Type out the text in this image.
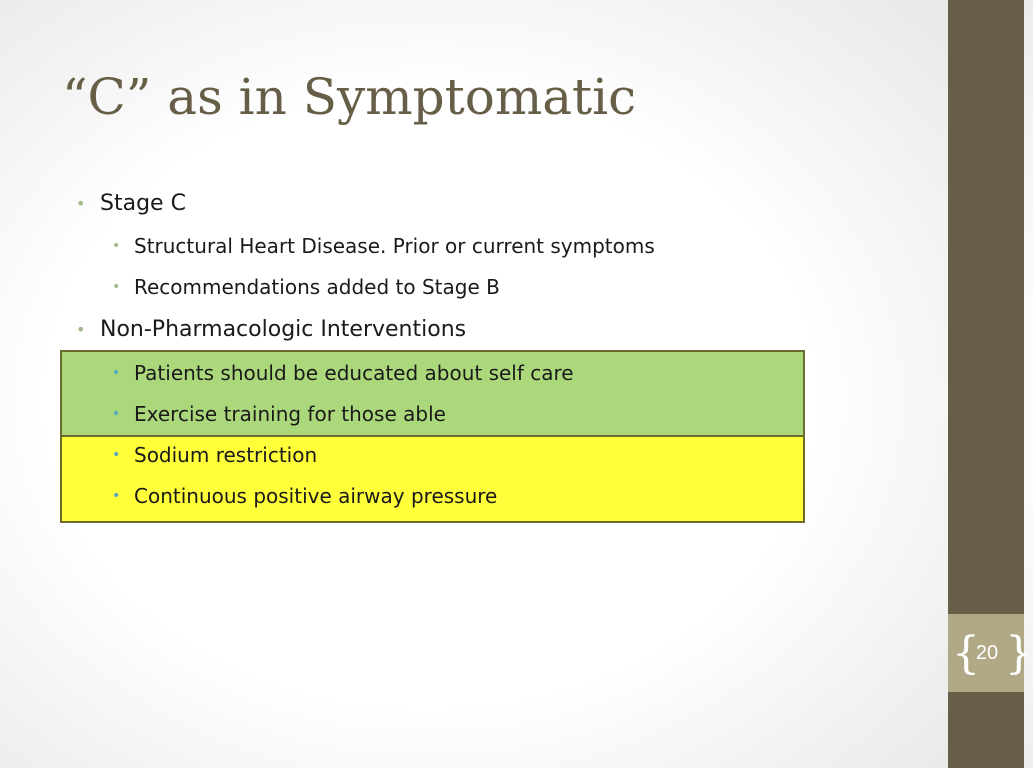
{ }
20
“C” as in Symptomatic
• Stage C
• Structural Heart Disease. Prior or current symptoms
• Recommendations added to Stage B
• Non-Pharmacologic Interventions
• Patients should be educated about self care
• Exercise training for those able
• Sodium restriction
• Continuous positive airway pressure
